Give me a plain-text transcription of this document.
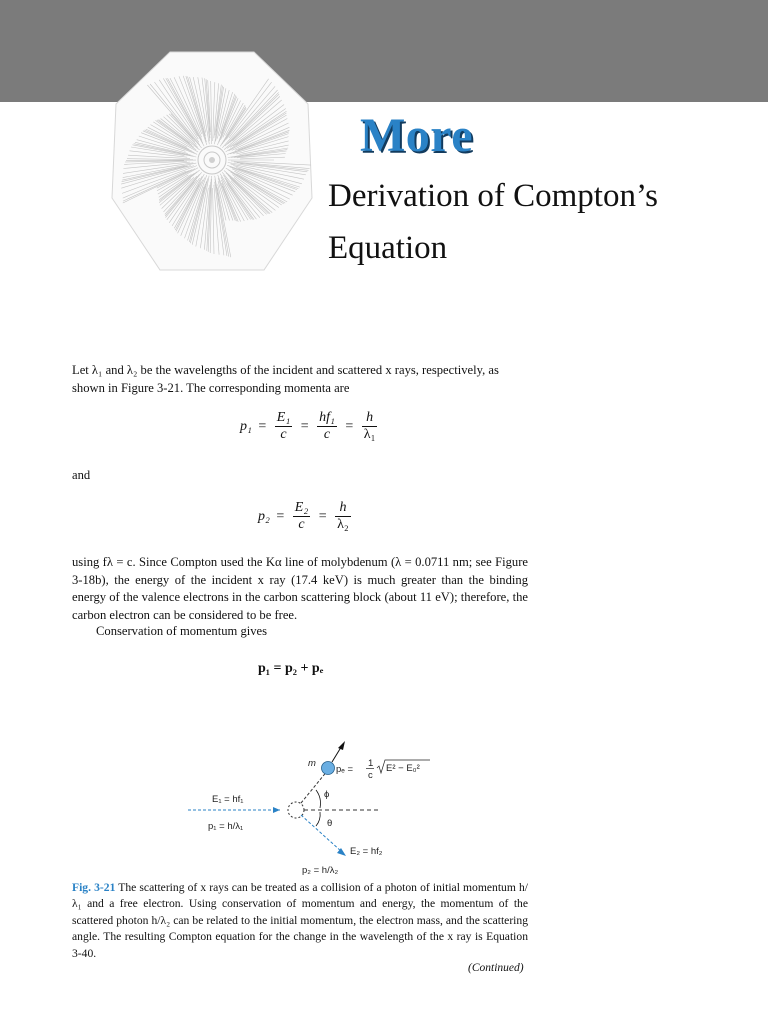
More
Derivation of Compton’s
Equation

Let λ₁ and λ₂ be the wavelengths of the incident and scattered x rays, respectively, as shown in Figure 3-21. The corresponding momenta are

$p_1 = \frac{\text{E₁}}{c} = \frac{\text{hf₁}}{c} = \frac{h}{\text{λ₁}}$

and

$p_2 = \frac{\text{E₂}}{c} = \frac{h}{\text{λ₂}}$

using fλ = c. Since Compton used the Kα line of molybdenum (λ = 0.0711 nm; see Figure 3-18b), the energy of the incident x ray (17.4 keV) is much greater than the binding energy of the valence electrons in the carbon scattering block (about 11 eV); therefore, the carbon electron can be considered to be free.

Conservation of momentum gives

p₁ = p₂ + pₑ
m
pₑ =
1
c
E² − E₀²
ϕ
θ
E₁ = hf₁
p₁ = h/λ₁
E₂ = hf₂
p₂ = h/λ₂

Fig. 3-21 The scattering of x rays can be treated as a collision of a photon of initial momentum h/λ₁ and a free electron. Using conservation of momentum and energy, the momentum of the scattered photon h/λ₂ can be related to the initial momentum, the electron mass, and the scattering angle. The resulting Compton equation for the change in the wavelength of the x ray is Equation 3-40.

(Continued)
